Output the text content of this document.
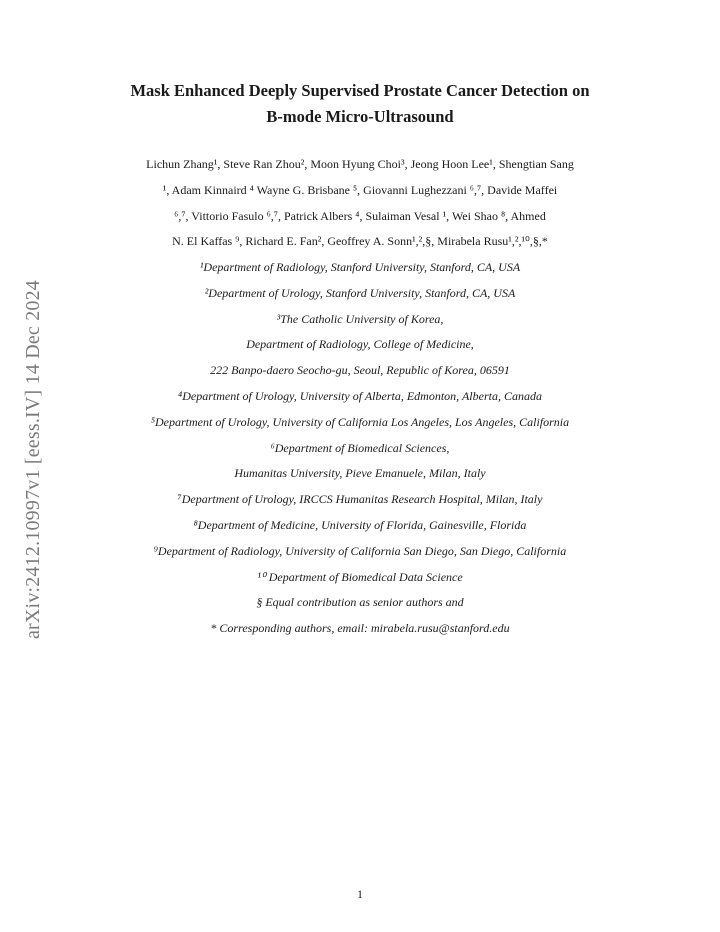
arXiv:2412.10997v1 [eess.IV] 14 Dec 2024
Mask Enhanced Deeply Supervised Prostate Cancer Detection on
B-mode Micro-Ultrasound
Lichun Zhang¹, Steve Ran Zhou², Moon Hyung Choi³, Jeong Hoon Lee¹, Shengtian Sang
¹, Adam Kinnaird ⁴ Wayne G. Brisbane ⁵, Giovanni Lughezzani ⁶,⁷, Davide Maffei
⁶,⁷, Vittorio Fasulo ⁶,⁷, Patrick Albers ⁴, Sulaiman Vesal ¹, Wei Shao ⁸, Ahmed
N. El Kaffas ⁹, Richard E. Fan², Geoffrey A. Sonn¹,²,§, Mirabela Rusu¹,²,¹⁰,§,*
¹Department of Radiology, Stanford University, Stanford, CA, USA
²Department of Urology, Stanford University, Stanford, CA, USA
³The Catholic University of Korea,
Department of Radiology, College of Medicine,
222 Banpo-daero Seocho-gu, Seoul, Republic of Korea, 06591
⁴Department of Urology, University of Alberta, Edmonton, Alberta, Canada
⁵Department of Urology, University of California Los Angeles, Los Angeles, California
⁶Department of Biomedical Sciences,
Humanitas University, Pieve Emanuele, Milan, Italy
⁷Department of Urology, IRCCS Humanitas Research Hospital, Milan, Italy
⁸Department of Medicine, University of Florida, Gainesville, Florida
⁹Department of Radiology, University of California San Diego, San Diego, California
¹⁰ Department of Biomedical Data Science
§ Equal contribution as senior authors and
* Corresponding authors, email: mirabela.rusu@stanford.edu
1
